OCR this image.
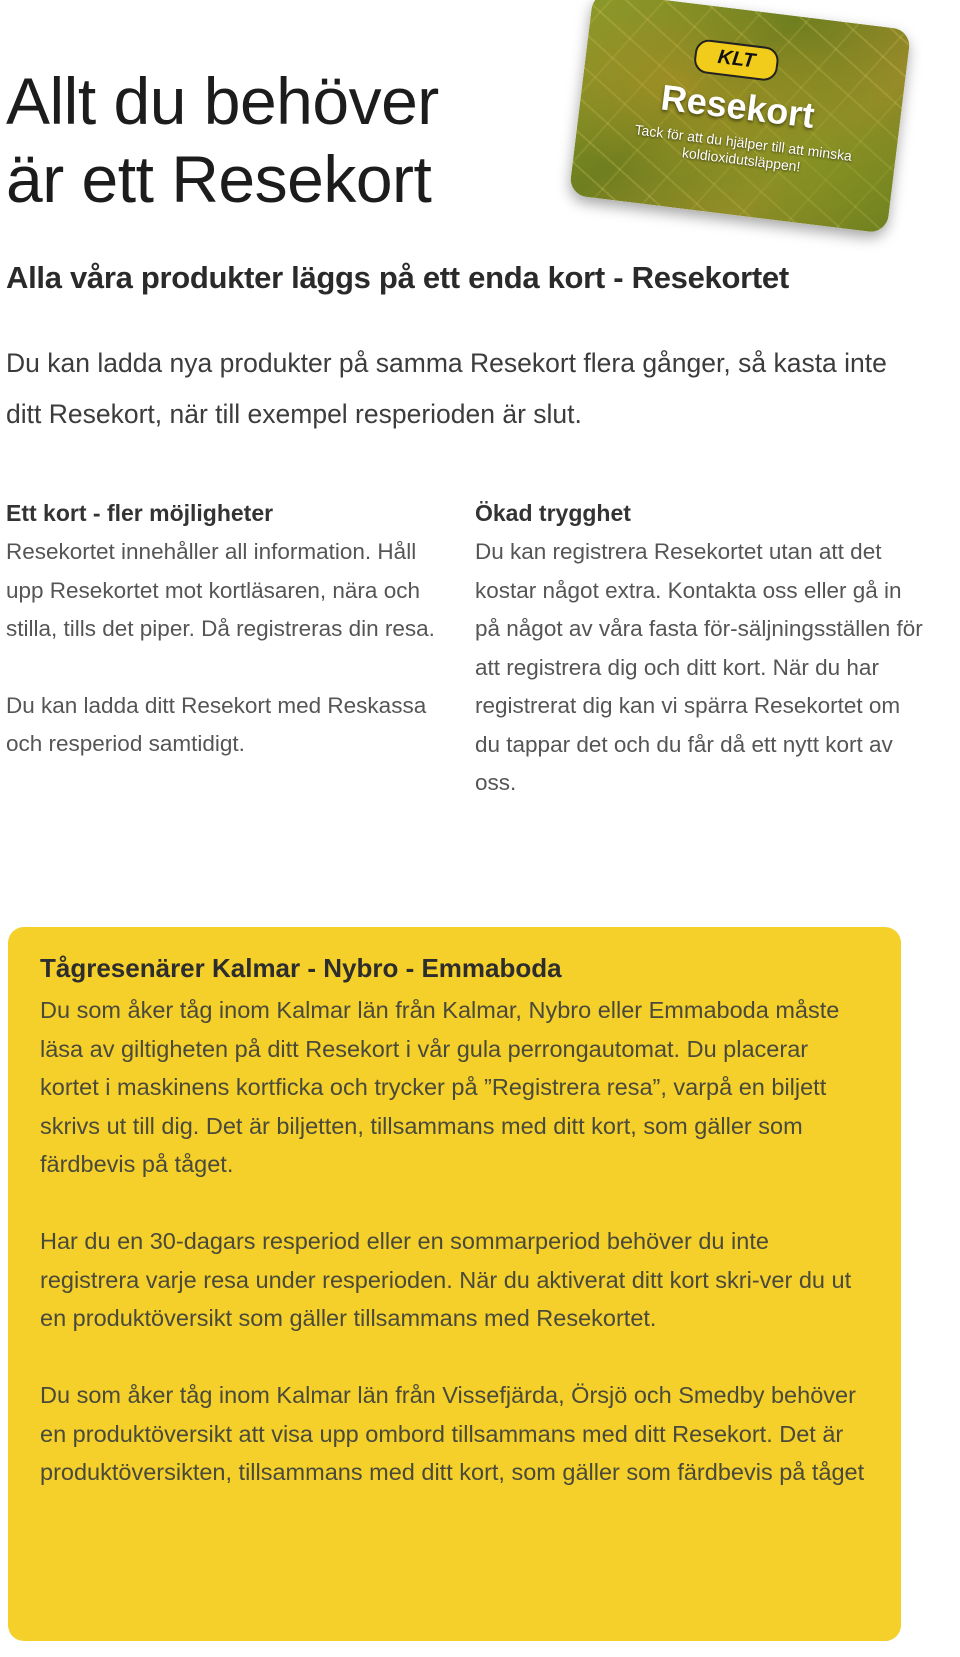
Allt du behöver
är ett Resekort
KLT
Resekort
Tack för att du hjälper till att minska koldioxidutsläppen!
Alla våra produkter läggs på ett enda kort - Resekortet

Du kan ladda nya produkter på samma Resekort flera gånger, så kasta inte ditt Resekort, när till exempel resperioden är slut.

Ett kort - fler möjligheter

Resekortet innehåller all information. Håll upp Resekortet mot kortläsaren, nära och stilla, tills det piper. Då registreras din resa.

Du kan ladda ditt Resekort med Reskassa och resperiod samtidigt.

Ökad trygghet

Du kan registrera Resekortet utan att det kostar något extra. Kontakta oss eller gå in på något av våra fasta för-säljningsställen för att registrera dig och ditt kort. När du har registrerat dig kan vi spärra Resekortet om du tappar det och du får då ett nytt kort av oss.

Tågresenärer Kalmar - Nybro - Emmaboda

Du som åker tåg inom Kalmar län från Kalmar, Nybro eller Emmaboda måste läsa av giltigheten på ditt Resekort i vår gula perrongautomat. Du placerar kortet i maskinens kortficka och trycker på ”Registrera resa”, varpå en biljett skrivs ut till dig. Det är biljetten, tillsammans med ditt kort, som gäller som färdbevis på tåget.

Har du en 30-dagars resperiod eller en sommarperiod behöver du inte registrera varje resa under resperioden. När du aktiverat ditt kort skri-ver du ut en produktöversikt som gäller tillsammans med Resekortet.

Du som åker tåg inom Kalmar län från Vissefjärda, Örsjö och Smedby behöver en produktöversikt att visa upp ombord tillsammans med ditt Resekort. Det är produktöversikten, tillsammans med ditt kort, som gäller som färdbevis på tåget
